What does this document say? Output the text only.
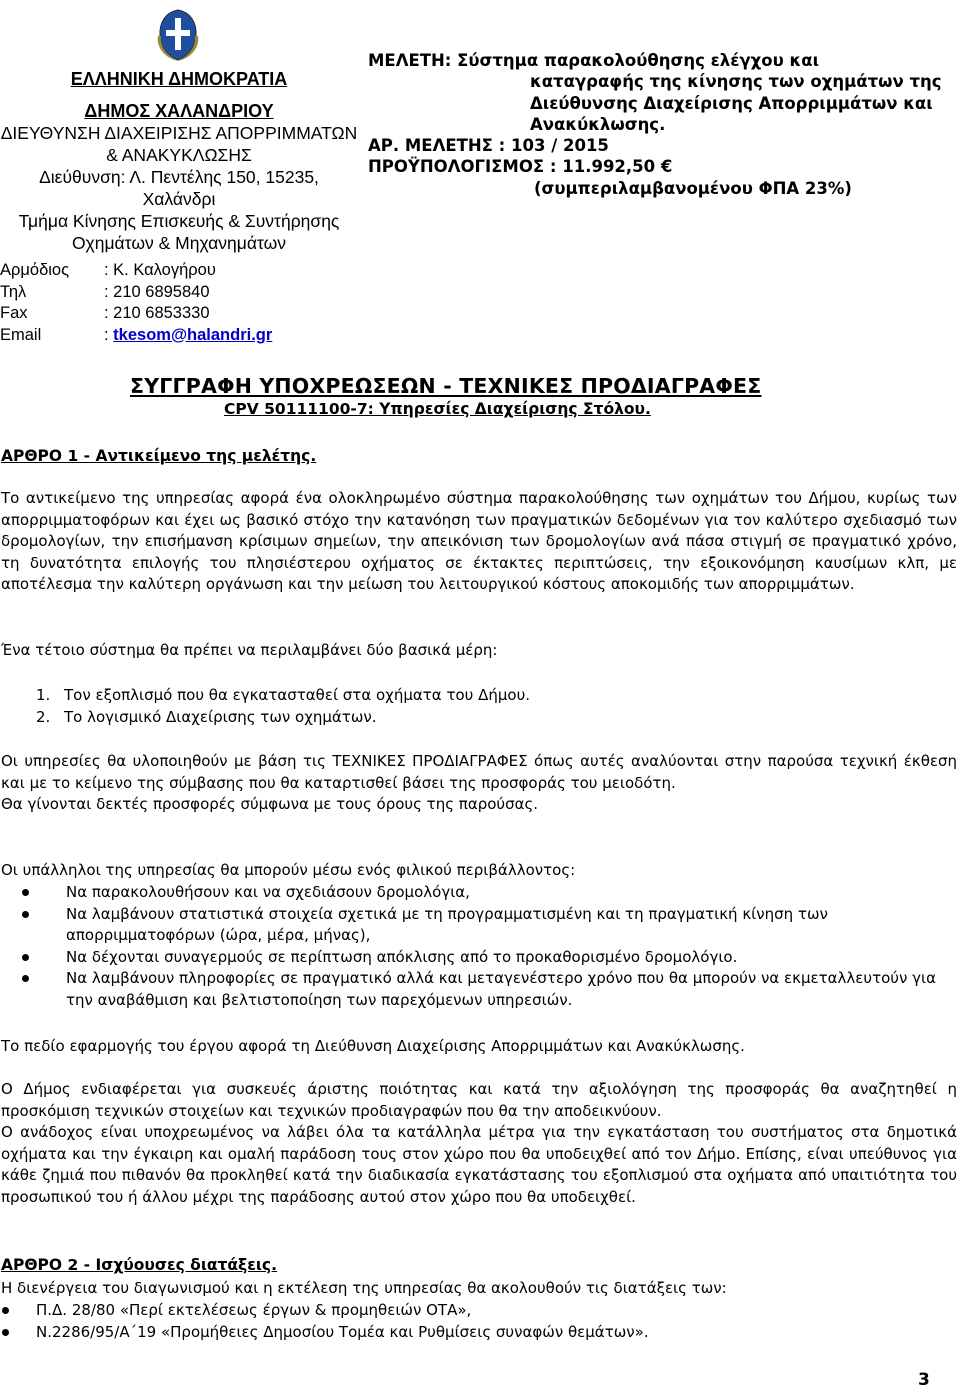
ΕΛΛΗΝΙΚΗ ΔΗΜΟΚΡΑΤΙΑ
ΔΗΜΟΣ ΧΑΛΑΝΔΡΙΟΥ
ΔΙΕΥΘΥΝΣΗ ΔΙΑΧΕΙΡΙΣΗΣ ΑΠΟΡΡΙΜΜΑΤΩΝ
& ΑΝΑΚΥΚΛΩΣΗΣ
Διεύθυνση: Λ. Πεντέλης 150, 15235,
Χαλάνδρι
Τμήμα Κίνησης Επισκευής & Συντήρησης
Οχημάτων & Μηχανημάτων
Αρμόδιος	: Κ. Καλογήρου
Τηλ	: 210 6895840
Fax	: 210 6853330
Email	: tkesom@halandri.gr
ΜΕΛΕΤΗ: Σύστημα παρακολούθησης ελέγχου και
καταγραφής της κίνησης των οχημάτων της
Διεύθυνσης Διαχείρισης Απορριμμάτων και
Ανακύκλωσης.
ΑΡ. ΜΕΛΕΤΗΣ : 103 / 2015
ΠΡΟΫΠΟΛΟΓΙΣΜΟΣ : 11.992,50 €
(συμπεριλαμβανομένου ΦΠΑ 23%)
ΣΥΓΓΡΑΦΗ ΥΠΟΧΡΕΩΣΕΩΝ - ΤΕΧΝΙΚΕΣ ΠΡΟΔΙΑΓΡΑΦΕΣ
CPV 50111100-7: Υπηρεσίες Διαχείρισης Στόλου.
ΑΡΘΡΟ 1 - Αντικείμενο της μελέτης.
Το αντικείμενο της υπηρεσίας αφορά ένα ολοκληρωμένο σύστημα παρακολούθησης των οχημάτων του Δήμου, κυρίως των απορριμματοφόρων και έχει ως βασικό στόχο την κατανόηση των πραγματικών δεδομένων για τον καλύτερο σχεδιασμό των δρομολογίων, την επισήμανση κρίσιμων σημείων, την απεικόνιση των δρομολογίων ανά πάσα στιγμή σε πραγματικό χρόνο, τη δυνατότητα επιλογής του πλησιέστερου οχήματος σε έκτακτες περιπτώσεις, την εξοικονόμηση καυσίμων κλπ, με αποτέλεσμα την καλύτερη οργάνωση και την μείωση του λειτουργικού κόστους αποκομιδής των απορριμμάτων.
Ένα τέτοιο σύστημα θα πρέπει να περιλαμβάνει δύο βασικά μέρη:
1. Τον εξοπλισμό που θα εγκατασταθεί στα οχήματα του Δήμου.
2. Το λογισμικό Διαχείρισης των οχημάτων.
Οι υπηρεσίες θα υλοποιηθούν με βάση τις ΤΕΧΝΙΚΕΣ ΠΡΟΔΙΑΓΡΑΦΕΣ όπως αυτές αναλύονται στην παρούσα τεχνική έκθεση και με το κείμενο της σύμβασης που θα καταρτισθεί βάσει της προσφοράς του μειοδότη.
Θα γίνονται δεκτές προσφορές σύμφωνα με τους όρους της παρούσας.
Οι υπάλληλοι της υπηρεσίας θα μπορούν μέσω ενός φιλικού περιβάλλοντος:
Να παρακολουθήσουν και να σχεδιάσουν δρομολόγια,
Να λαμβάνουν στατιστικά στοιχεία σχετικά με τη προγραμματισμένη και τη πραγματική κίνηση των απορριμματοφόρων (ώρα, μέρα, μήνας),
Να δέχονται συναγερμούς σε περίπτωση απόκλισης από το προκαθορισμένο δρομολόγιο.
Να λαμβάνουν πληροφορίες σε πραγματικό αλλά και μεταγενέστερο χρόνο που θα μπορούν να εκμεταλλευτούν για την αναβάθμιση και βελτιστοποίηση των παρεχόμενων υπηρεσιών.
Το πεδίο εφαρμογής του έργου αφορά τη Διεύθυνση Διαχείρισης Απορριμμάτων και Ανακύκλωσης.
Ο Δήμος ενδιαφέρεται για συσκευές άριστης ποιότητας και κατά την αξιολόγηση της προσφοράς θα αναζητηθεί η προσκόμιση τεχνικών στοιχείων και τεχνικών προδιαγραφών που θα την αποδεικνύουν.
Ο ανάδοχος είναι υποχρεωμένος να λάβει όλα τα κατάλληλα μέτρα για την εγκατάσταση του συστήματος στα δημοτικά οχήματα και την έγκαιρη και ομαλή παράδοση τους στον χώρο που θα υποδειχθεί από τον Δήμο. Επίσης, είναι υπεύθυνος για κάθε ζημιά που πιθανόν θα προκληθεί κατά την διαδικασία εγκατάστασης του εξοπλισμού στα οχήματα από υπαιτιότητα του προσωπικού του ή άλλου μέχρι της παράδοσης αυτού στον χώρο που θα υποδειχθεί.
ΑΡΘΡΟ 2 - Ισχύουσες διατάξεις.
Η διενέργεια του διαγωνισμού και η εκτέλεση της υπηρεσίας θα ακολουθούν τις διατάξεις των:
Π.Δ. 28/80 «Περί εκτελέσεως έργων & προμηθειών ΟΤΑ»,
Ν.2286/95/Α΄19 «Προμήθειες Δημοσίου Τομέα και Ρυθμίσεις συναφών θεμάτων».
3
